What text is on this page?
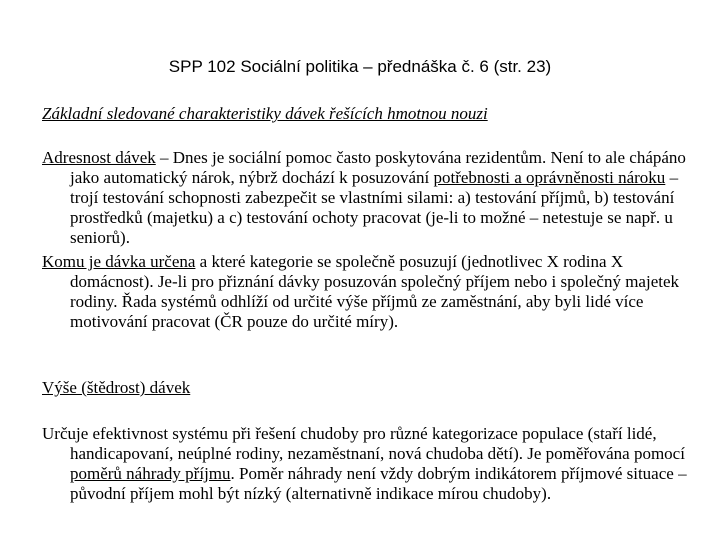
SPP 102 Sociální politika – přednáška č. 6 (str. 23)

Základní sledované charakteristiky dávek řešících hmotnou nouzi

Adresnost dávek – Dnes je sociální pomoc často poskytována rezidentům. Není to ale chápáno jako automatický nárok, nýbrž dochází k posuzování potřebnosti a oprávněnosti nároku – trojí testování schopnosti zabezpečit se vlastními silami: a) testování příjmů, b) testování prostředků (majetku) a c) testování ochoty pracovat (je-li to možné – netestuje se např. u seniorů).

Komu je dávka určena a které kategorie se společně posuzují (jednotlivec X rodina X domácnost). Je-li pro přiznání dávky posuzován společný příjem nebo i společný majetek rodiny. Řada systémů odhlíží od určité výše příjmů ze zaměstnání, aby byli lidé více motivování pracovat (ČR pouze do určité míry).

Výše (štědrost) dávek

Určuje efektivnost systému při řešení chudoby pro různé kategorizace populace (staří lidé, handicapovaní, neúplné rodiny, nezaměstnaní, nová chudoba dětí). Je poměřována pomocí poměrů náhrady příjmu. Poměr náhrady není vždy dobrým indikátorem příjmové situace – původní příjem mohl být nízký (alternativně indikace mírou chudoby).
